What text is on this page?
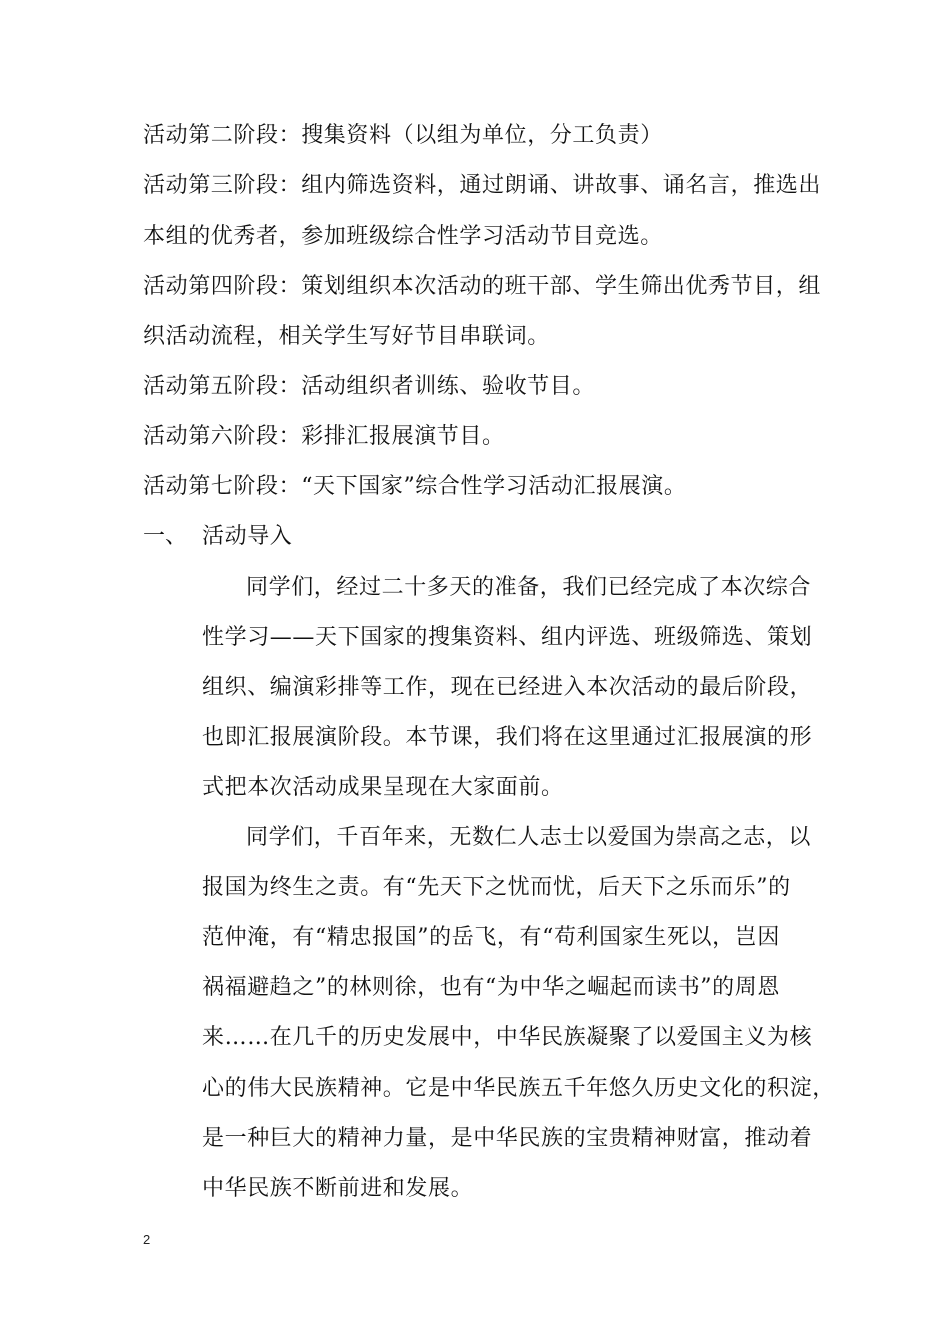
活动第二阶段：搜集资料（以组为单位，分工负责）
活动第三阶段：组内筛选资料，通过朗诵、讲故事、诵名言，推选出
本组的优秀者，参加班级综合性学习活动节目竞选。
活动第四阶段：策划组织本次活动的班干部、学生筛出优秀节目，组
织活动流程，相关学生写好节目串联词。
活动第五阶段：活动组织者训练、验收节目。
活动第六阶段：彩排汇报展演节目。
活动第七阶段：“天下国家”综合性学习活动汇报展演。
一、 活动导入
同学们，经过二十多天的准备，我们已经完成了本次综合
性学习——天下国家的搜集资料、组内评选、班级筛选、策划
组织、编演彩排等工作，现在已经进入本次活动的最后阶段，
也即汇报展演阶段。本节课，我们将在这里通过汇报展演的形
式把本次活动成果呈现在大家面前。
同学们，千百年来，无数仁人志士以爱国为崇高之志，以
报国为终生之责。有“先天下之忧而忧，后天下之乐而乐”的
范仲淹，有“精忠报国”的岳飞，有“苟利国家生死以，岂因
祸福避趋之”的林则徐，也有“为中华之崛起而读书”的周恩
来……在几千的历史发展中，中华民族凝聚了以爱国主义为核
心的伟大民族精神。它是中华民族五千年悠久历史文化的积淀，
是一种巨大的精神力量，是中华民族的宝贵精神财富，推动着
中华民族不断前进和发展。
2
